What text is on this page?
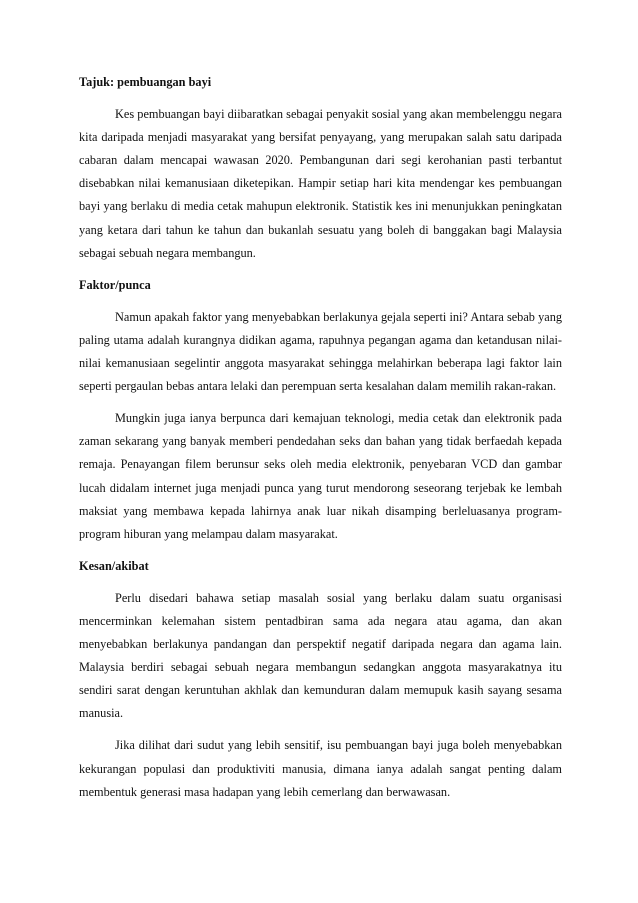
Tajuk: pembuangan bayi

Kes pembuangan bayi diibaratkan sebagai penyakit sosial yang akan membelenggu negara kita daripada menjadi masyarakat yang bersifat penyayang, yang merupakan salah satu daripada cabaran dalam mencapai wawasan 2020. Pembangunan dari segi kerohanian pasti terbantut disebabkan nilai kemanusiaan diketepikan. Hampir setiap hari kita mendengar kes pembuangan bayi yang berlaku di media cetak mahupun elektronik. Statistik kes ini menunjukkan peningkatan yang ketara dari tahun ke tahun dan bukanlah sesuatu yang boleh di banggakan bagi Malaysia sebagai sebuah negara membangun.

Faktor/punca

Namun apakah faktor yang menyebabkan berlakunya gejala seperti ini? Antara sebab yang paling utama adalah kurangnya didikan agama, rapuhnya pegangan agama dan ketandusan nilai-nilai kemanusiaan segelintir anggota masyarakat sehingga melahirkan beberapa lagi faktor lain seperti pergaulan bebas antara lelaki dan perempuan serta kesalahan dalam memilih rakan-rakan.

Mungkin juga ianya berpunca dari kemajuan teknologi, media cetak dan elektronik pada zaman sekarang yang banyak memberi pendedahan seks dan bahan yang tidak berfaedah kepada remaja. Penayangan filem berunsur seks oleh media elektronik, penyebaran VCD dan gambar lucah didalam internet juga menjadi punca yang turut mendorong seseorang terjebak ke lembah maksiat yang membawa kepada lahirnya anak luar nikah disamping berleluasanya program-program hiburan yang melampau dalam masyarakat.

Kesan/akibat

Perlu disedari bahawa setiap masalah sosial yang berlaku dalam suatu organisasi mencerminkan kelemahan sistem pentadbiran sama ada negara atau agama, dan akan menyebabkan berlakunya pandangan dan perspektif negatif daripada negara dan agama lain. Malaysia berdiri sebagai sebuah negara membangun sedangkan anggota masyarakatnya itu sendiri sarat dengan keruntuhan akhlak dan kemunduran dalam memupuk kasih sayang sesama manusia.

Jika dilihat dari sudut yang lebih sensitif, isu pembuangan bayi juga boleh menyebabkan kekurangan populasi dan produktiviti manusia, dimana ianya adalah sangat penting dalam membentuk generasi masa hadapan yang lebih cemerlang dan berwawasan.
